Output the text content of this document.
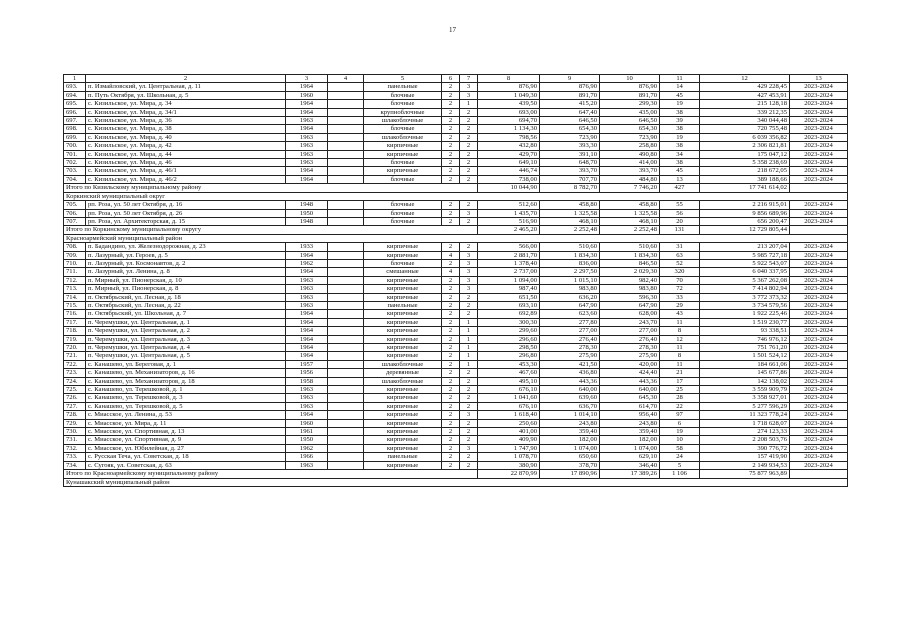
17
1	2	3	4	5	6	7	8	9	10	11	12	13
693.	п. Измайловский, ул. Центральная, д. 11	1964		панельные	2	3	876,90	876,90	876,90	14	429 228,45	2023-2024
694.	п. Путь Октября, ул. Школьная, д. 5	1960		блочные	2	3	1 049,30	891,70	891,70	45	427 453,91	2023-2024
695.	с. Кизильское, ул. Мира, д. 34	1964		блочные	2	1	439,50	415,20	299,30	19	215 128,18	2023-2024
696.	с. Кизильское, ул. Мира, д. 34/1	1964		крупноблочные	2	2	693,00	647,40	435,00	38	339 212,35	2023-2024
697.	с. Кизильское, ул. Мира, д. 36	1963		шлакоблочные	2	2	694,70	646,50	646,50	39	340 044,48	2023-2024
698.	с. Кизильское, ул. Мира, д. 38	1964		блочные	2	2	1 134,30	654,30	654,30	38	720 755,48	2023-2024
699.	с. Кизильское, ул. Мира, д. 40	1963		шлакоблочные	2	2	798,56	723,90	723,90	19	6 039 356,82	2023-2024
700.	с. Кизильское, ул. Мира, д. 42	1963		кирпичные	2	2	432,80	393,30	258,80	38	2 306 821,81	2023-2024
701.	с. Кизильское, ул. Мира, д. 44	1963		кирпичные	2	2	429,70	391,10	490,80	34	175 047,12	2023-2024
702.	с. Кизильское, ул. Мира, д. 46	1963		блочные	2	2	649,10	648,70	414,00	38	5 358 238,69	2023-2024
703.	с. Кизильское, ул. Мира, д. 46/1	1964		кирпичные	2	2	446,74	393,70	393,70	45	218 672,05	2023-2024
704.	с. Кизильское, ул. Мира, д. 46/2	1964		блочные	2	2	738,00	707,70	484,80	13	389 188,66	2023-2024
Итого по Кизильскому муниципальному району							10 044,90	8 782,70	7 746,20	427	17 741 614,02	
Коркинский муниципальный округ												
705.	рп. Роза, ул. 50 лет Октября, д. 16	1948		блочные	2	2	512,60	458,80	458,80	55	2 216 915,01	2023-2024
706.	рп. Роза, ул. 50 лет Октября, д. 26	1950		блочные	2	3	1 435,70	1 325,58	1 325,58	56	9 856 689,96	2023-2024
707.	рп. Роза, ул. Архитекторская, д. 15	1948		блочные	2	2	516,90	468,10	468,10	20	656 200,47	2023-2024
Итого по Коркинскому муниципальному округу							2 465,20	2 252,48	2 252,48	131	12 729 805,44	
Красноармейский муниципальный район												
708.	п. Бадандино, ул. Железнодорожная, д. 23	1933		кирпичные	2	2	566,00	510,60	510,60	31	213 207,04	2023-2024
709.	п. Лазурный, ул. Героев, д. 5	1964		кирпичные	4	3	2 881,70	1 834,30	1 834,30	63	5 985 727,18	2023-2024
710.	п. Лазурный, ул. Космонавтов, д. 2	1962		блочные	2	3	1 378,40	836,00	846,50	52	5 922 543,07	2023-2024
711.	п. Лазурный, ул. Ленина, д. 8	1964		смешанные	4	3	2 737,00	2 297,50	2 029,30	320	6 040 337,95	2023-2024
712.	п. Мирный, ул. Пионерская, д. 10	1963		кирпичные	2	3	1 094,00	1 015,10	982,40	70	5 367 262,08	2023-2024
713.	п. Мирный, ул. Пионерская, д. 8	1963		кирпичные	2	3	987,40	983,80	983,80	72	7 414 802,94	2023-2024
714.	п. Октябрьский, ул. Лесная, д. 18	1963		кирпичные	2	2	651,50	636,20	596,30	33	3 772 373,32	2023-2024
715.	п. Октябрьский, ул. Лесная, д. 22	1963		панельные	2	2	693,10	647,90	647,90	29	3 734 579,56	2023-2024
716.	п. Октябрьский, ул. Школьная, д. 7	1964		кирпичные	2	2	692,89	623,60	628,00	43	1 922 225,46	2023-2024
717.	п. Черемушки, ул. Центральная, д. 1	1964		кирпичные	2	1	300,30	277,80	243,70	11	1 519 230,77	2023-2024
718.	п. Черемушки, ул. Центральная, д. 2	1964		кирпичные	2	1	299,60	277,00	277,00	8	93 338,51	2023-2024
719.	п. Черемушки, ул. Центральная, д. 3	1964		кирпичные	2	1	296,60	276,40	276,40	12	746 976,12	2023-2024
720.	п. Черемушки, ул. Центральная, д. 4	1964		кирпичные	2	1	298,50	278,30	278,30	11	751 761,20	2023-2024
721.	п. Черемушки, ул. Центральная, д. 5	1964		кирпичные	2	1	296,80	275,90	275,90	8	1 501 524,12	2023-2024
722.	с. Канашево, ул. Береговая, д. 1	1957		шлакоблочные	2	1	453,30	421,50	420,00	11	184 661,06	2023-2024
723.	с. Канашево, ул. Механизаторов, д. 16	1956		деревянные	2	2	467,60	436,80	424,40	21	145 677,86	2023-2024
724.	с. Канашево, ул. Механизаторов, д. 18	1958		шлакоблочные	2	2	495,10	443,36	443,36	17	142 138,02	2023-2024
725.	с. Канашево, ул. Терешковой, д. 1	1963		кирпичные	2	2	676,10	640,00	640,00	25	3 559 909,79	2023-2024
726.	с. Канашево, ул. Терешковой, д. 3	1963		кирпичные	2	2	1 041,60	639,60	645,30	28	3 358 927,01	2023-2024
727.	с. Канашево, ул. Терешковой, д. 5	1963		кирпичные	2	2	676,10	636,70	614,70	22	5 277 596,29	2023-2024
728.	с. Миасское, ул. Ленина, д. 53	1964		кирпичные	2	3	1 618,40	1 014,10	956,40	97	11 323 778,24	2023-2024
729.	с. Миасское, ул. Мира, д. 11	1960		кирпичные	2	2	250,60	243,80	243,80	6	1 718 628,07	2023-2024
730.	с. Миасское, ул. Спортивная, д. 13	1961		кирпичные	2	2	401,00	359,40	359,40	19	274 123,33	2023-2024
731.	с. Миасское, ул. Спортивная, д. 9	1950		кирпичные	2	2	409,90	182,00	182,00	10	2 208 503,76	2023-2024
732.	с. Миасское, ул. Юбилейная, д. 27	1962		кирпичные	2	3	1 747,90	1 074,00	1 074,00	58	390 776,72	2023-2024
733.	с. Русская Теча, ул. Советская, д. 18	1966		панельные	2	2	1 078,70	650,60	629,10	24	157 419,90	2023-2024
734.	с. Сугояк, ул. Советская, д. 63	1963		кирпичные	2	2	380,90	378,70	346,40	5	2 149 934,53	2023-2024
Итого по Красноармейскому муниципальному району							22 870,99	17 890,96	17 389,26	1 106	75 877 963,89	
Кунашакский муниципальный район												
